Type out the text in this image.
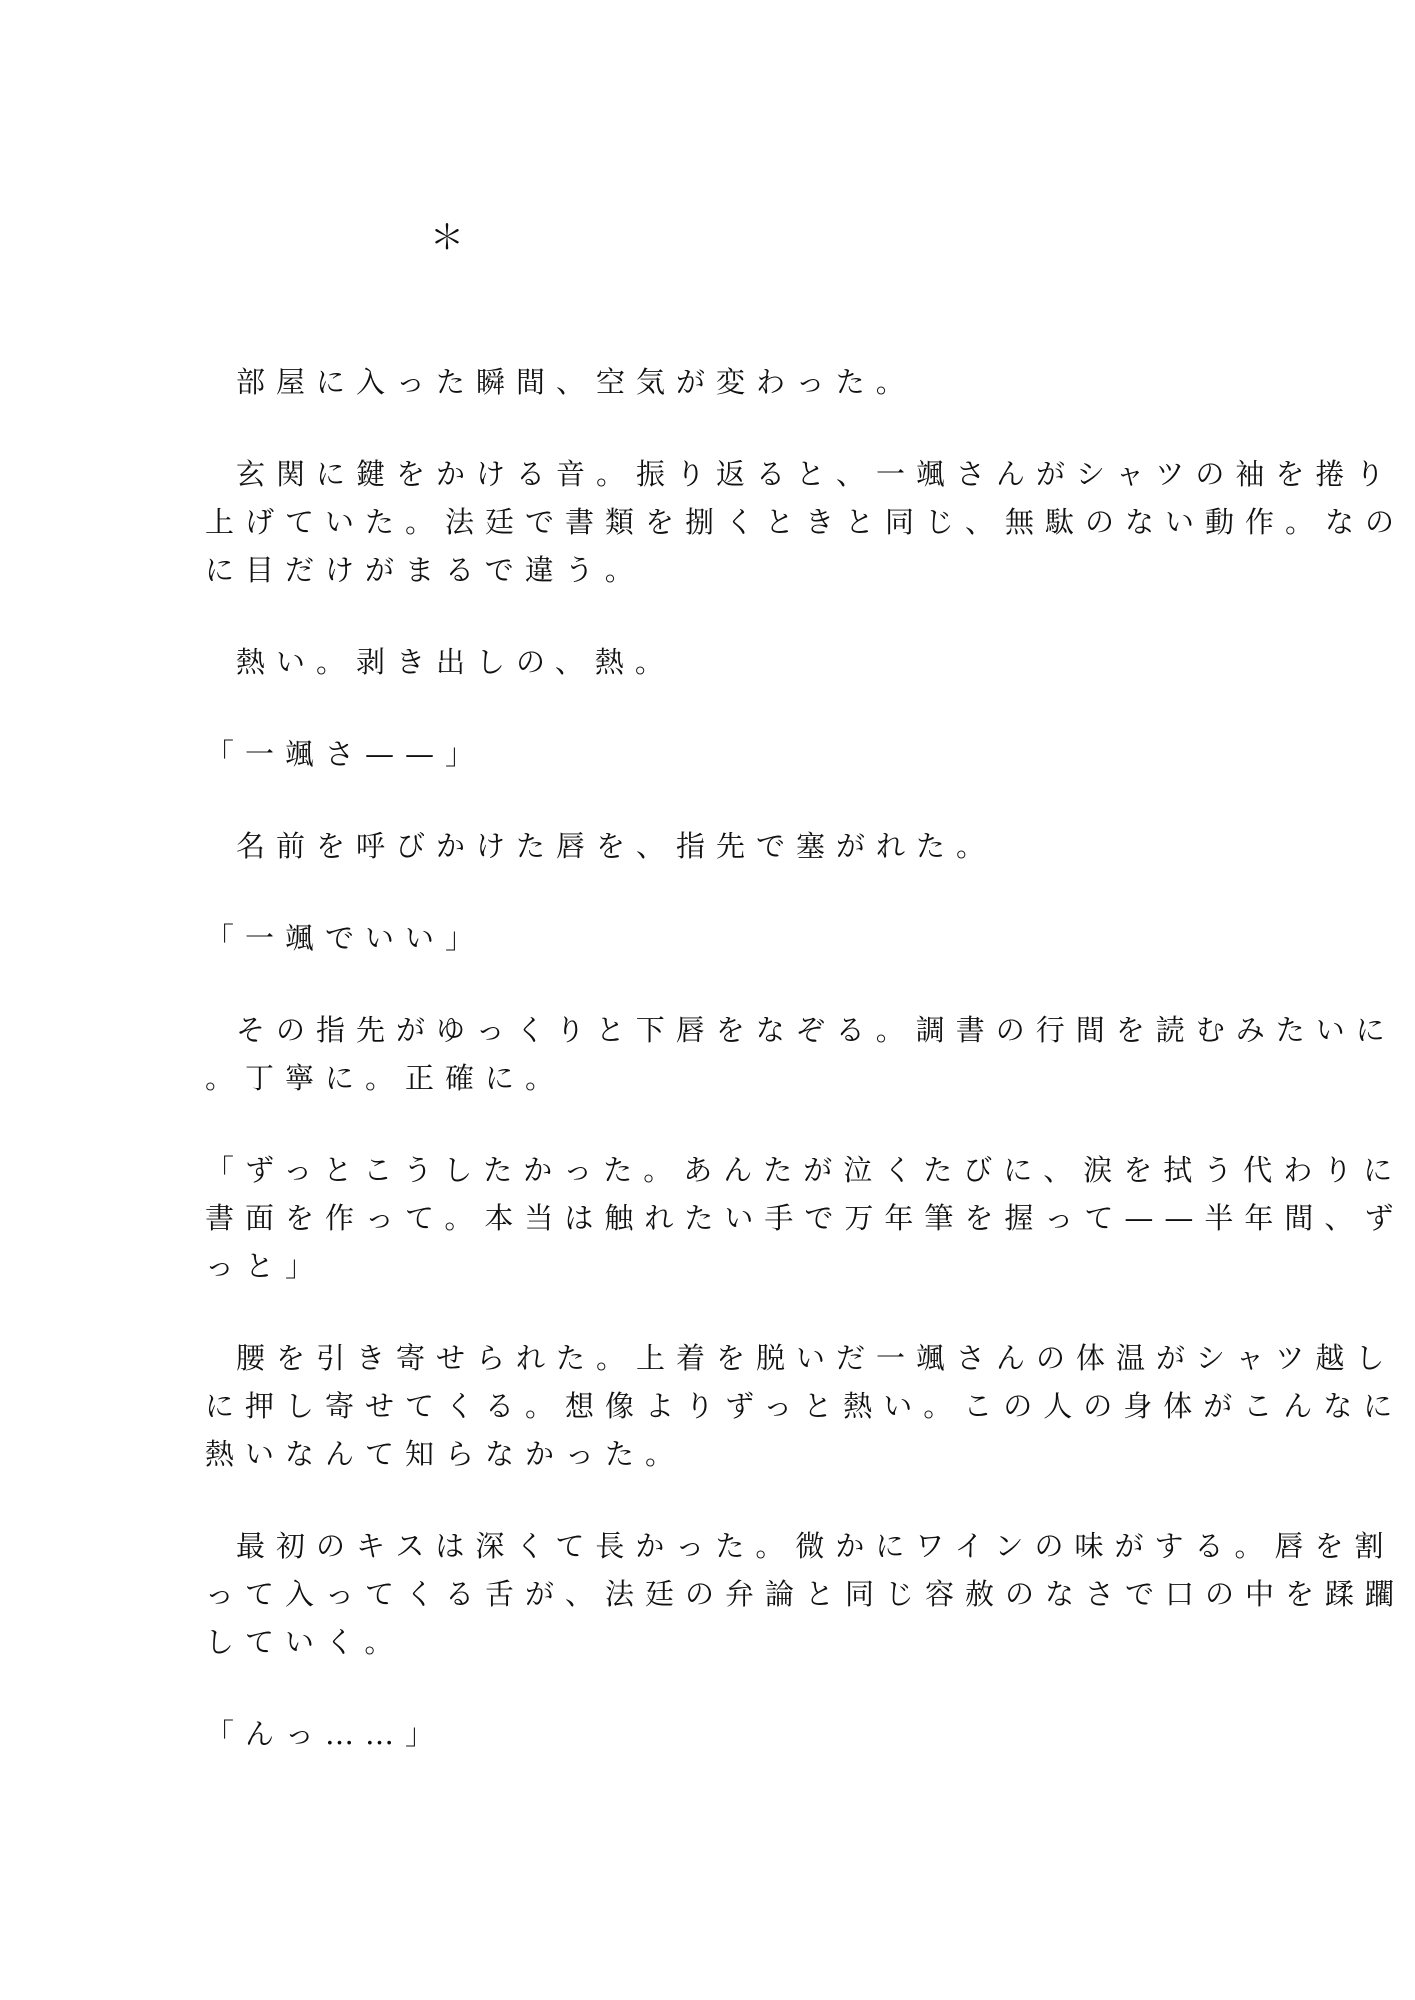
＊

部屋に入った瞬間、空気が変わった。

玄関に鍵をかける音。振り返ると、一颯さんがシャツの袖を捲り
上げていた。法廷で書類を捌くときと同じ、無駄のない動作。なの
に目だけがまるで違う。

熱い。剥き出しの、熱。

「一颯さ——」

名前を呼びかけた唇を、指先で塞がれた。

「一颯でいい」

その指先がゆっくりと下唇をなぞる。調書の行間を読むみたいに
。丁寧に。正確に。

「ずっとこうしたかった。あんたが泣くたびに、涙を拭う代わりに
書面を作って。本当は触れたい手で万年筆を握って——半年間、ず
っと」

腰を引き寄せられた。上着を脱いだ一颯さんの体温がシャツ越し
に押し寄せてくる。想像よりずっと熱い。この人の身体がこんなに
熱いなんて知らなかった。

最初のキスは深くて長かった。微かにワインの味がする。唇を割
って入ってくる舌が、法廷の弁論と同じ容赦のなさで口の中を蹂躙
していく。

「んっ……」
